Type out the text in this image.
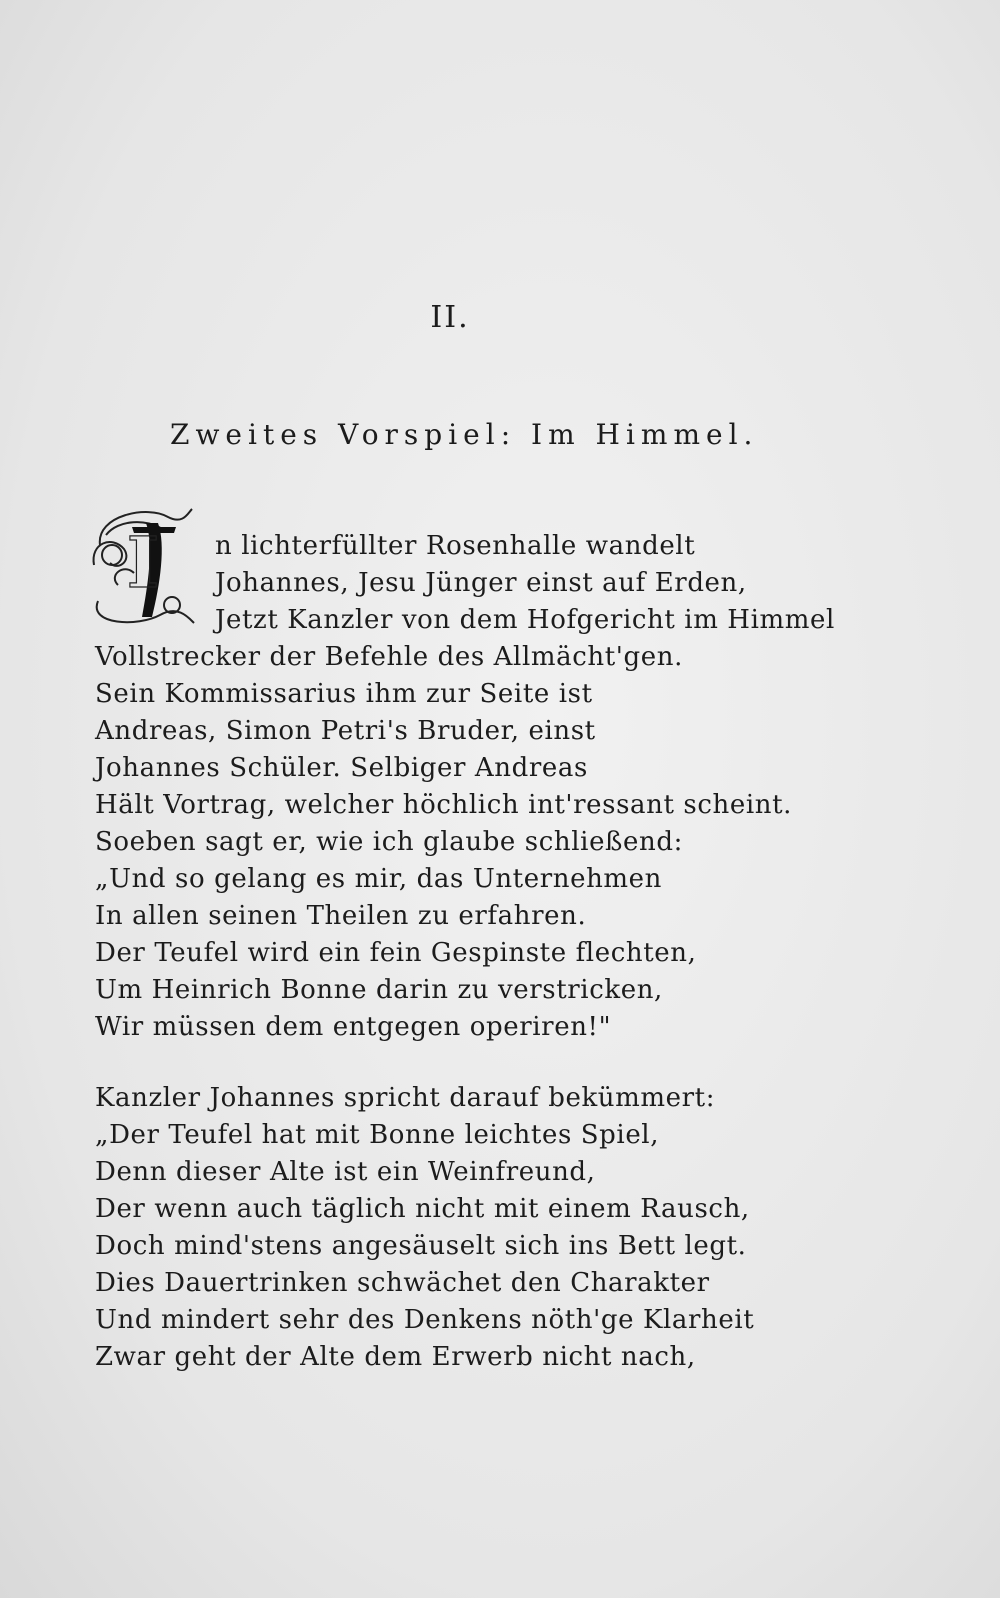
II.
Zweites Vorspiel: Im Himmel.
I	n lichterfüllter Rosenhalle wandelt
Johannes, Jesu Jünger einst auf Erden,
Jetzt Kanzler von dem Hofgericht im Himmel
Vollstrecker der Befehle des Allmächt'gen.
Sein Kommissarius ihm zur Seite ist
Andreas, Simon Petri's Bruder, einst
Johannes Schüler. Selbiger Andreas
Hält Vortrag, welcher höchlich int'ressant scheint.
Soeben sagt er, wie ich glaube schließend:
„Und so gelang es mir, das Unternehmen
In allen seinen Theilen zu erfahren.
Der Teufel wird ein fein Gespinste flechten,
Um Heinrich Bonne darin zu verstricken,
Wir müssen dem entgegen operiren!"
Kanzler Johannes spricht darauf bekümmert:
„Der Teufel hat mit Bonne leichtes Spiel,
Denn dieser Alte ist ein Weinfreund,
Der wenn auch täglich nicht mit einem Rausch,
Doch mind'stens angesäuselt sich ins Bett legt.
Dies Dauertrinken schwächet den Charakter
Und mindert sehr des Denkens nöth'ge Klarheit
Zwar geht der Alte dem Erwerb nicht nach,
